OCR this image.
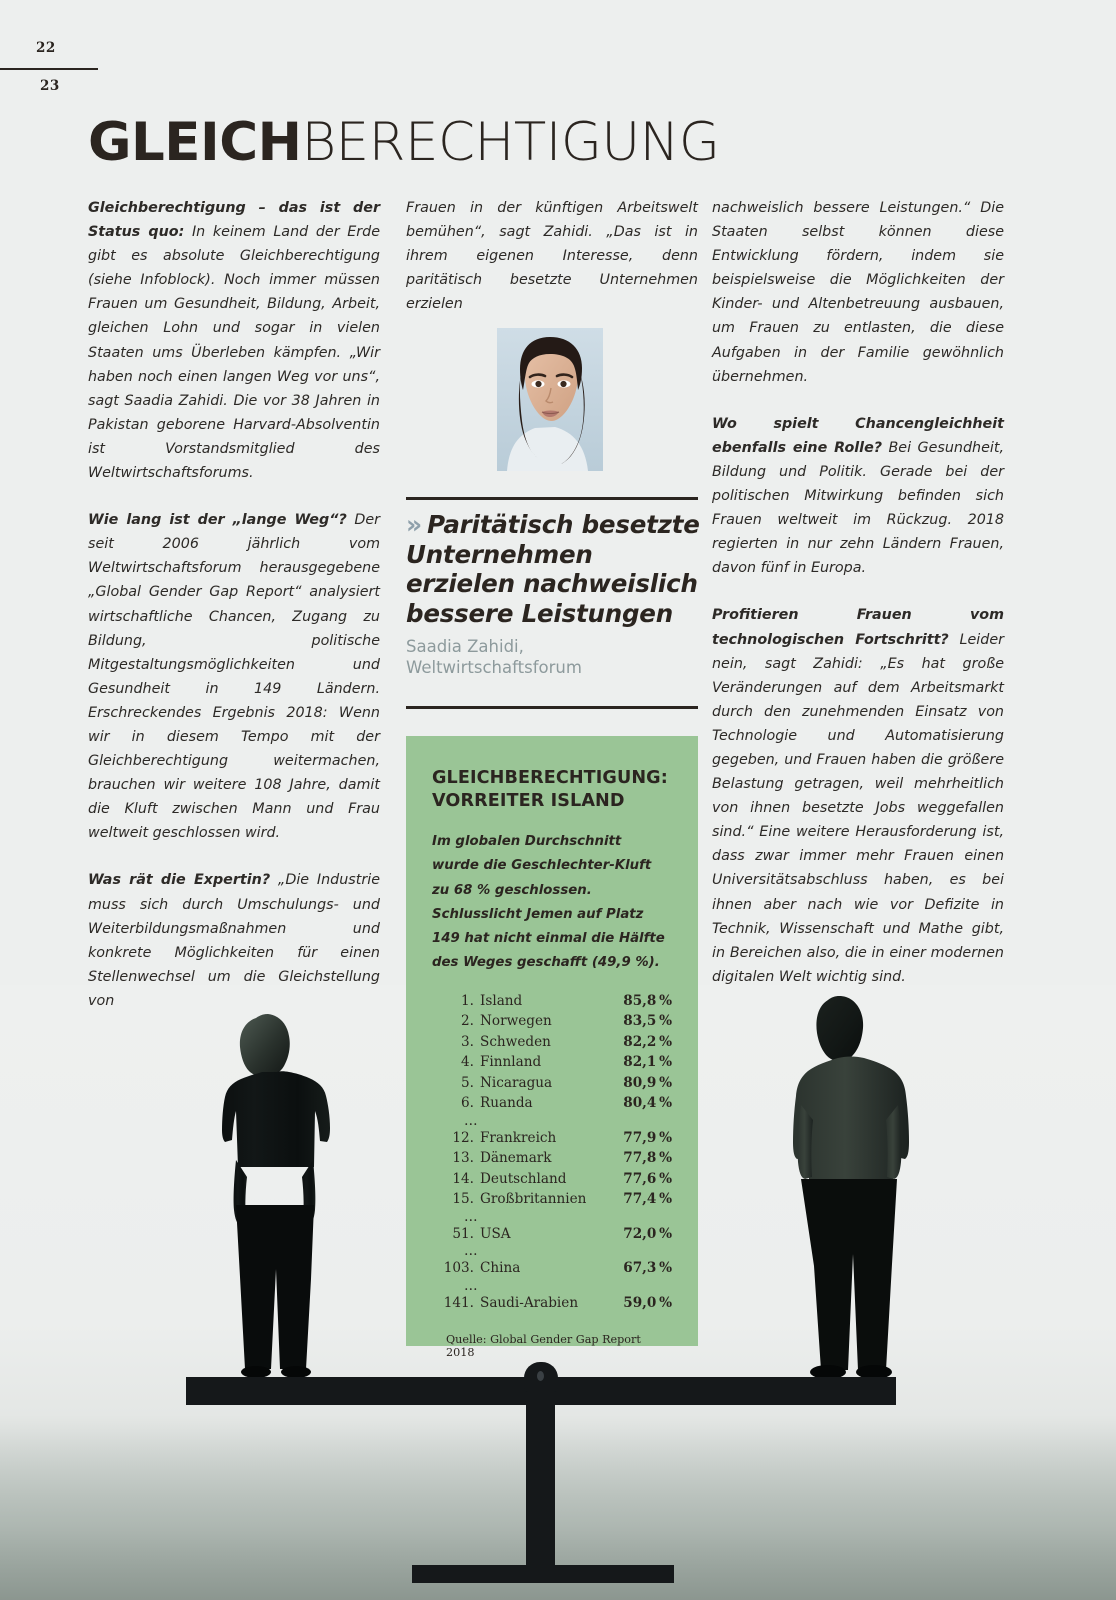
22
23
GLEICHBERECHTIGUNG

Gleichberechtigung – das ist der Status quo: In keinem Land der Erde gibt es absolute Gleichberechtigung (siehe Infoblock). Noch immer müssen Frauen um Gesundheit, Bildung, Arbeit, gleichen Lohn und sogar in vielen Staaten ums Überleben kämpfen. „Wir haben noch einen langen Weg vor uns“, sagt Saadia Zahidi. Die vor 38 Jahren in Pakistan geborene Harvard-Absolventin ist Vorstandsmitglied des Weltwirtschaftsforums.

Wie lang ist der „lange Weg“? Der seit 2006 jährlich vom Weltwirtschaftsforum herausgegebene „Global Gender Gap Report“ analysiert wirtschaftliche Chancen, Zugang zu Bildung, politische Mitgestaltungsmöglichkeiten und Gesundheit in 149 Ländern. Erschreckendes Ergebnis 2018: Wenn wir in diesem Tempo mit der Gleichberechtigung weitermachen, brauchen wir weitere 108 Jahre, damit die Kluft zwischen Mann und Frau weltweit geschlossen wird.

Was rät die Expertin? „Die Industrie muss sich durch Umschulungs- und Weiterbildungsmaßnahmen und konkrete Möglichkeiten für einen Stellenwechsel um die Gleichstellung von

Frauen in der künftigen Arbeitswelt bemühen“, sagt Zahidi. „Das ist in ihrem eigenen Interesse, denn paritätisch besetzte Unternehmen erzielen

nachweislich bessere Leistungen.“ Die Staaten selbst können diese Entwicklung fördern, indem sie beispielsweise die Möglichkeiten der Kinder- und Altenbetreuung ausbauen, um Frauen zu entlasten, die diese Aufgaben in der Familie gewöhnlich übernehmen.

Wo spielt Chancengleichheit ebenfalls eine Rolle? Bei Gesundheit, Bildung und Politik. Gerade bei der politischen Mitwirkung befinden sich Frauen weltweit im Rückzug. 2018 regierten in nur zehn Ländern Frauen, davon fünf in Europa.

Profitieren Frauen vom technologischen Fortschritt? Leider nein, sagt Zahidi: „Es hat große Veränderungen auf dem Arbeitsmarkt durch den zunehmenden Einsatz von Technologie und Automatisierung gegeben, und Frauen haben die größere Belastung getragen, weil mehrheitlich von ihnen besetzte Jobs weggefallen sind.“ Eine weitere Herausforderung ist, dass zwar immer mehr Frauen einen Universitätsabschluss haben, es bei ihnen aber nach wie vor Defizite in Technik, Wissenschaft und Mathe gibt, in Bereichen also, die in einer modernen digitalen Welt wichtig sind.

» Paritätisch besetzte Unternehmen erzielen nachweislich bessere Leistungen
Saadia Zahidi,
Weltwirtschaftsforum
GLEICHBERECHTIGUNG:
VORREITER ISLAND
Im globalen Durchschnitt wurde die Geschlechter-Kluft zu 68 % geschlossen. Schlusslicht Jemen auf Platz 149 hat nicht einmal die Hälfte des Weges geschafft (49,9 %).
1. Island	85,8 %
2. Norwegen	83,5 %
3. Schweden	82,2 %
4. Finnland	82,1 %
5. Nicaragua	80,9 %
6. Ruanda	80,4 %
…
12. Frankreich	77,9 %
13. Dänemark	77,8 %
14. Deutschland	77,6 %
15. Großbritannien	77,4 %
…
51. USA	72,0 %
…
103. China	67,3 %
…
141. Saudi-Arabien	59,0 %
Quelle: Global Gender Gap Report 2018
